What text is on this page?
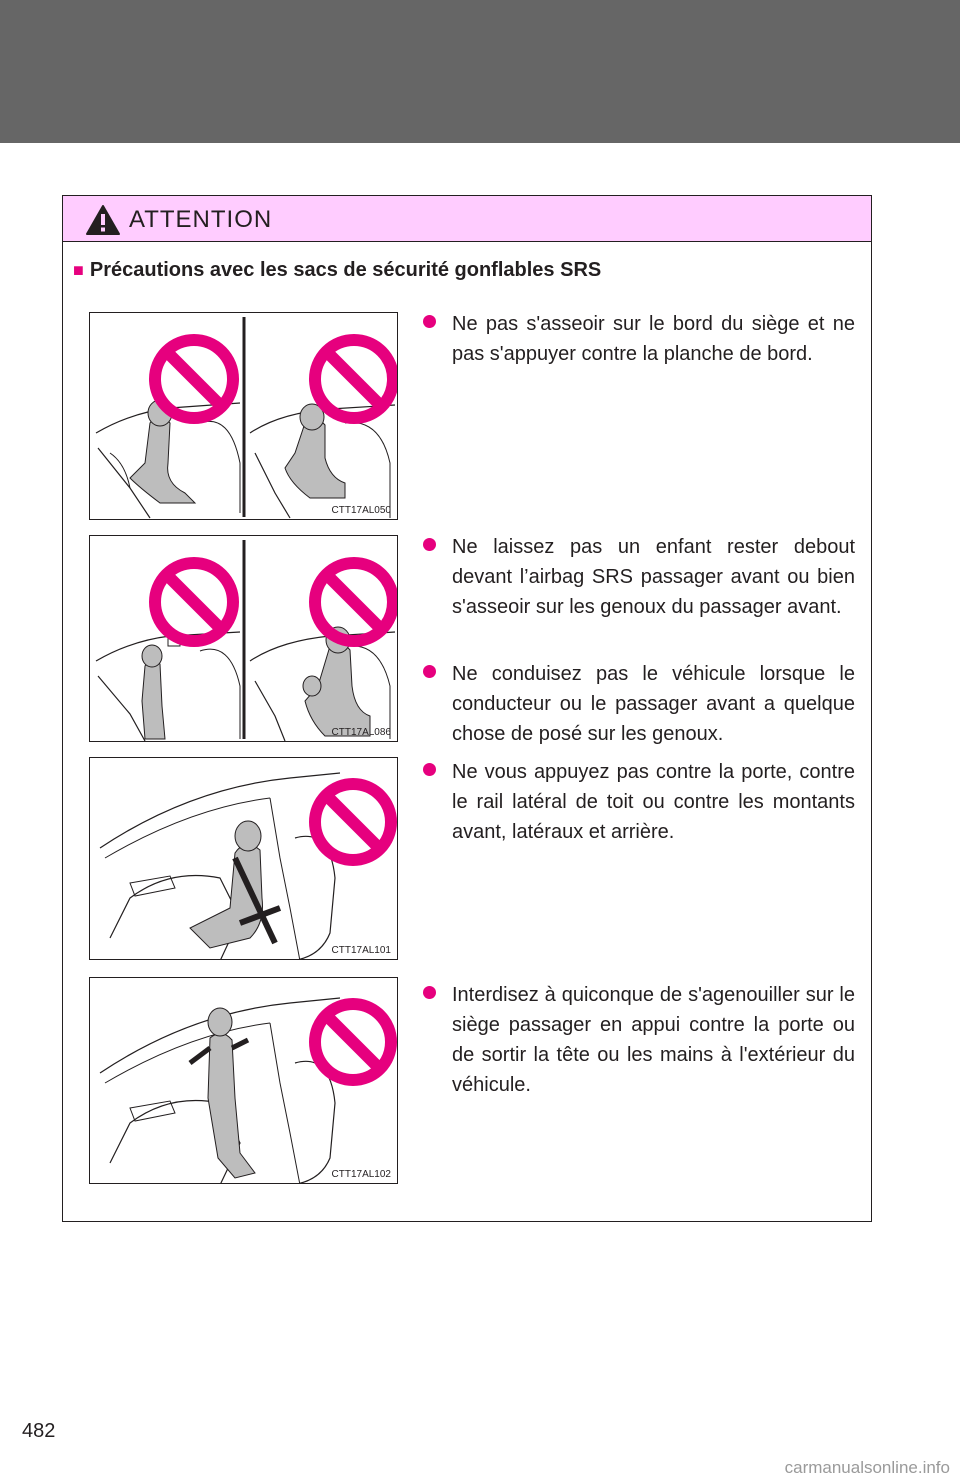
ATTENTION
■ Précautions avec les sacs de sécurité gonflables SRS
CTT17AL050
CTT17AL086
CTT17AL101
CTT17AL102
Ne pas s'asseoir sur le bord du siège et ne pas s'appuyer contre la planche de bord.
Ne laissez pas un enfant rester debout devant l’airbag SRS passager avant ou bien s'asseoir sur les genoux du passager avant.
Ne conduisez pas le véhicule lorsque le conducteur ou le passager avant a quelque chose de posé sur les genoux.
Ne vous appuyez pas contre la porte, contre le rail latéral de toit ou contre les montants avant, latéraux et arrière.
Interdisez à quiconque de s'agenouiller sur le siège passager en appui contre la porte ou de sortir la tête ou les mains à l'extérieur du véhicule.
482
carmanualsonline.info
